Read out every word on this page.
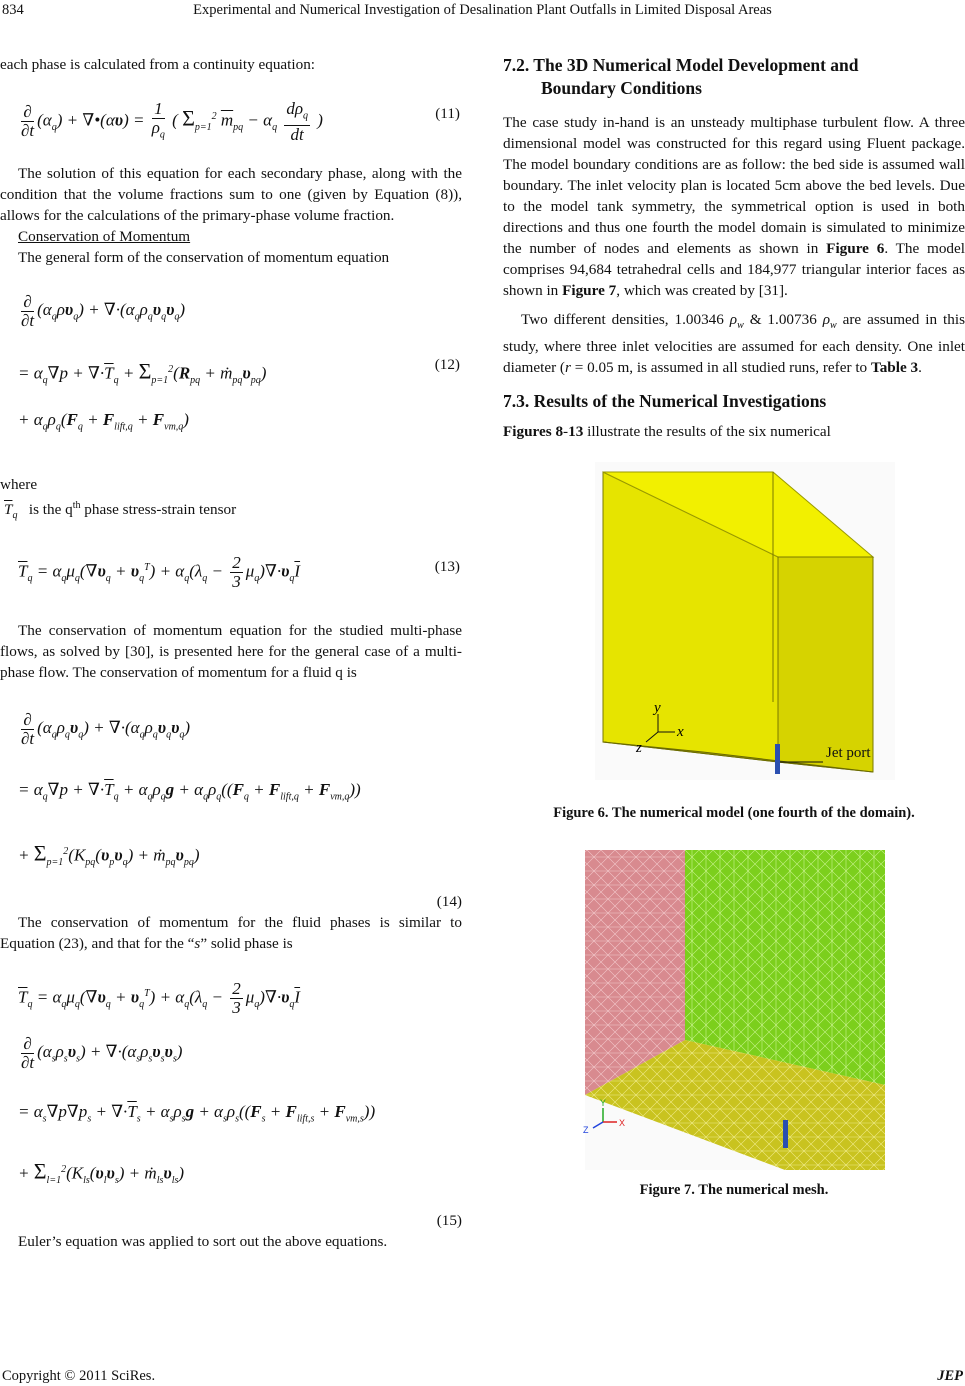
834	Experimental and Numerical Investigation of Desalination Plant Outfalls in Limited Disposal Areas

each phase is calculated from a continuity equation:

$\frac{\partial}{\partial t} (\alpha_q)$ + ∇•(αυ) = $\frac{1}{\rho_q}$ ( $\Sigma_{p=1}^2$ $\overline{m}_{pq} - \alpha_q \frac{d\rho_q}{dt}$ )	(11)

The solution of this equation for each secondary phase, along with the condition that the volume fractions sum to one (given by Equation (8)), allows for the calculations of the primary-phase volume fraction.

Conservation of Momentum

The general form of the conservation of momentum equation

$\frac{\partial}{\partial t} (\alpha_q\rho\upsilon_q) + \nabla\cdot(\alpha_q\rho_q\upsilon_q\upsilon_q)$
= $\alpha_q\nabla p + \nabla\cdot\overline{T}_q + \Sigma_{p=1}^2(R_{pq}$ + $ṁ_{pq}\upsilon_{pq}$)
+ $\alpha_q\rho_q(F_q + F_{lift,q} + F_{vm,q})$
(12)

where

$\overline{T}_q$ is the $q^{th}$ phase stress-strain tensor

$\overline{T}_q = \alpha_q\mu_q(\nabla\upsilon_q + \upsilon_q^T) + \alpha_q(\lambda_q - \frac{2}{3} \mu_q)\nabla\cdot\upsilon_q\overline{I}$	(13)

The conservation of momentum equation for the studied multi-phase flows, as solved by [30], is presented here for the general case of a multi-phase flow. The conservation of momentum for a fluid q is

$\frac{\partial}{\partial t} (\alpha_q\rho_q\upsilon_q) + \nabla\cdot(\alpha_q\rho_q\upsilon_q\upsilon_q)$
= $\alpha_q\nabla p + \nabla\cdot\overline{T}_q + \alpha_q\rho_qg + \alpha_q\rho_q((F_q + F_{lift,q} + F_{vm,q}))$
+ $\Sigma_{p=1}^2(K_{pq}(\upsilon_p\upsilon_q)$ + $ṁ_{pq}\upsilon_{pq}$)

(14)

The conservation of momentum for the fluid phases is similar to Equation (23), and that for the “s” solid phase is

$\overline{T}_q = \alpha_q\mu_q(\nabla\upsilon_q + \upsilon_q^T) + \alpha_q(\lambda_q - \frac{2}{3} \mu_q)\nabla\cdot\upsilon_q\overline{I}$
$\frac{\partial}{\partial t} (\alpha_s\rho_s\upsilon_s) + \nabla\cdot(\alpha_s\rho_s\upsilon_s\upsilon_s)$
= $\alpha_s\nabla p\nabla p_s + \nabla\cdot\overline{T}_s + \alpha_s\rho_sg + \alpha_s\rho_s((F_s + F_{lift,s} + F_{vm,s}))$
+ $\Sigma_{l=1}^2(K_{ls}(\upsilon_l\upsilon_s)$ + $ṁ_{ls}\upsilon_{ls}$)

(15)

Euler’s equation was applied to sort out the above equations.

7.2. The 3D Numerical Model Development and
Boundary Conditions

The case study in-hand is an unsteady multiphase turbulent flow. A three dimensional model was constructed for this regard using Fluent package. The model boundary conditions are as follow: the bed side is assumed wall boundary. The inlet velocity plan is located 5cm above the bed levels. Due to the model tank symmetry, the symmetrical option is used in both directions and thus one fourth the model domain is simulated to minimize the number of nodes and elements as shown in Figure 6. The model comprises 94,684 tetrahedral cells and 184,977 triangular interior faces as shown in Figure 7, which was created by [31].

Two different densities, 1.00346 $\rho_w$ & 1.00736 $\rho_w$ are assumed in this study, where three inlet velocities are assumed for each density. One inlet diameter (r = 0.05 m, is assumed in all studied runs, refer to Table 3.

7.3. Results of the Numerical Investigations

Figures 8-13 illustrate the results of the six numerical

Jet port
y
z
x

Figure 6. The numerical model (one fourth of the domain).

Y
Z
X

Figure 7. The numerical mesh.

Copyright © 2011 SciRes.	JEP
